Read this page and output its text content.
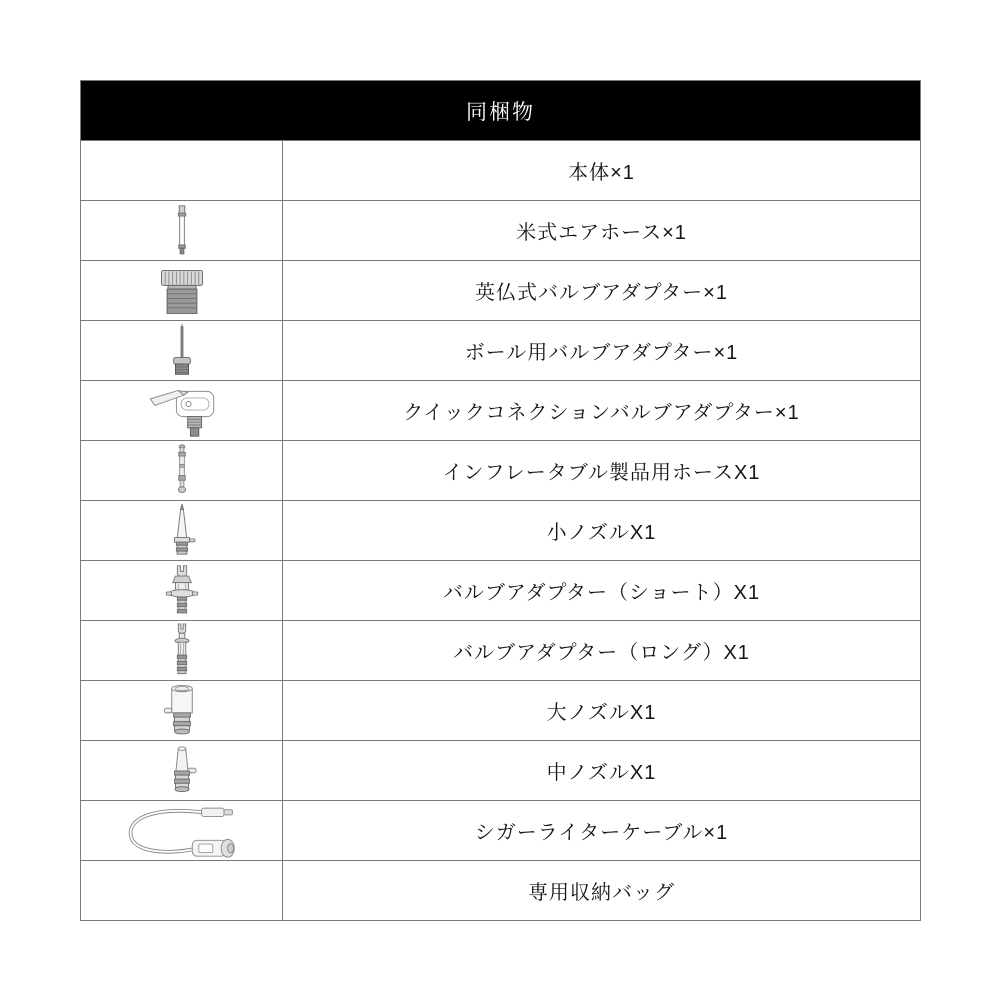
同梱物
本体×1
米式エアホース×1
英仏式バルブアダプター×1
ボール用バルブアダプター×1
クイックコネクションバルブアダプター×1
インフレータブル製品用ホースX1
小ノズルX1
バルブアダプター（ショート）X1
バルブアダプター（ロング）X1
大ノズルX1
中ノズルX1
シガーライターケーブル×1
専用収納バッグ
